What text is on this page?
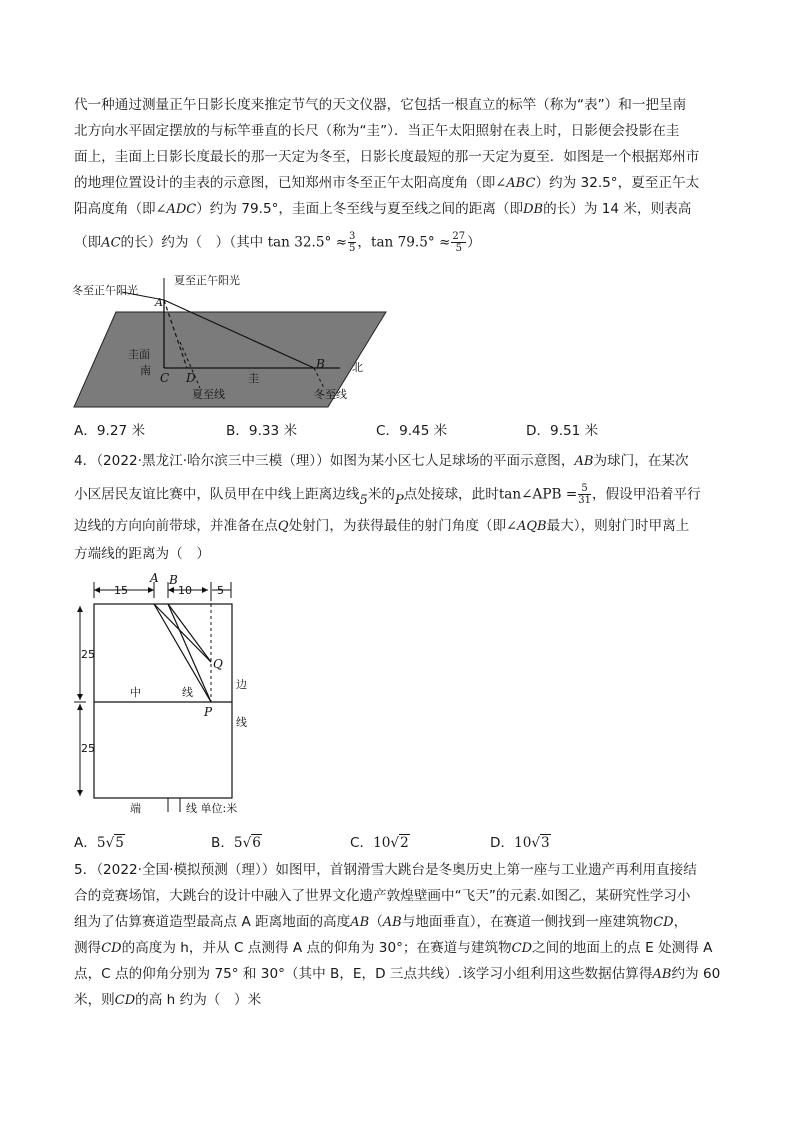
代一种通过测量正午日影长度来推定节气的天文仪器，它包括一根直立的标竿（称为“表”）和一把呈南
北方向水平固定摆放的与标竿垂直的长尺（称为“圭”）．当正午太阳照射在表上时，日影便会投影在圭
面上，圭面上日影长度最长的那一天定为冬至，日影长度最短的那一天定为夏至．如图是一个根据郑州市
的地理位置设计的圭表的示意图，已知郑州市冬至正午太阳高度角（即∠ABC）约为 32.5°，夏至正午太
阳高度角（即∠ADC）约为 79.5°，圭面上冬至线与夏至线之间的距离（即DB的长）为 14 米，则表高
（即AC的长）约为（　）（其中 $\tan 32.5^\circ \approx \frac{3}{5}$ ，$\tan 79.5^\circ \approx \frac{27}{5}$ ）
冬至正午阳光
夏至正午阳光
A
B
C D
圭面
南
圭
北
夏至线	冬至线
A．9.27 米	B．9.33 米	C．9.45 米	D．9.51 米
4．（2022·黑龙江·哈尔滨三中三模（理））如图为某小区七人足球场的平面示意图，AB为球门，在某次
小区居民友谊比赛中，队员甲在中线上距离边线5米的P点处接球，此时tan∠APB = $\frac{5}{31}$ ，假设甲沿着平行
边线的方向向前带球，并准备在点Q处射门，为获得最佳的射门角度（即∠AQB最大），则射门时甲离上
方端线的距离为（　）
15	10 5
A B
Q
P
25
25
中	线
边
线
端	线 单位:米
A．5√5	B．5√6	C．10√2	D．10√3
5．（2022·全国·模拟预测（理））如图甲，首钢滑雪大跳台是冬奥历史上第一座与工业遗产再利用直接结
合的竞赛场馆，大跳台的设计中融入了世界文化遗产敦煌壁画中“飞天”的元素.如图乙，某研究性学习小
组为了估算赛道造型最高点 A 距离地面的高度AB（AB与地面垂直），在赛道一侧找到一座建筑物CD，
测得CD的高度为 h，并从 C 点测得 A 点的仰角为 30°；在赛道与建筑物CD之间的地面上的点 E 处测得 A
点，C 点的仰角分别为 75° 和 30°（其中 B，E，D 三点共线）.该学习小组利用这些数据估算得AB约为 60
米，则CD的高 h 约为（　）米
